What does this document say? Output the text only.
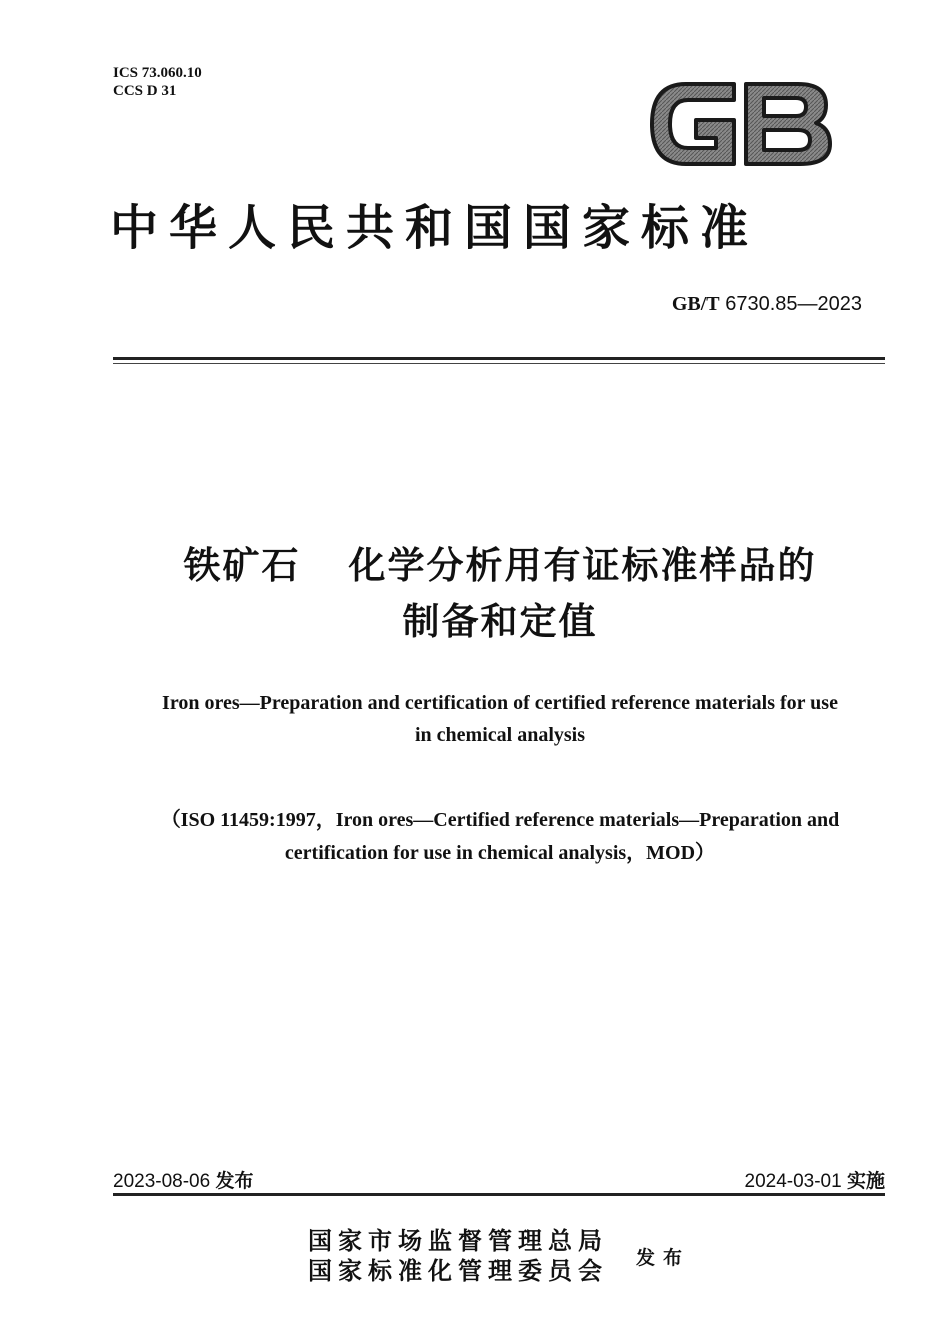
ICS 73.060.10
CCS D 31
GB
中华人民共和国国家标准
GB/T 6730.85—2023
铁矿石 化学分析用有证标准样品的
制备和定值
Iron ores—Preparation and certification of certified reference materials for use
in chemical analysis
（ISO 11459:1997，Iron ores—Certified reference materials—Preparation and
certification for use in chemical analysis，MOD）
2023-08-06 发布	2024-03-01 实施
国家市场监督管理总局
国家标准化管理委员会 发布
